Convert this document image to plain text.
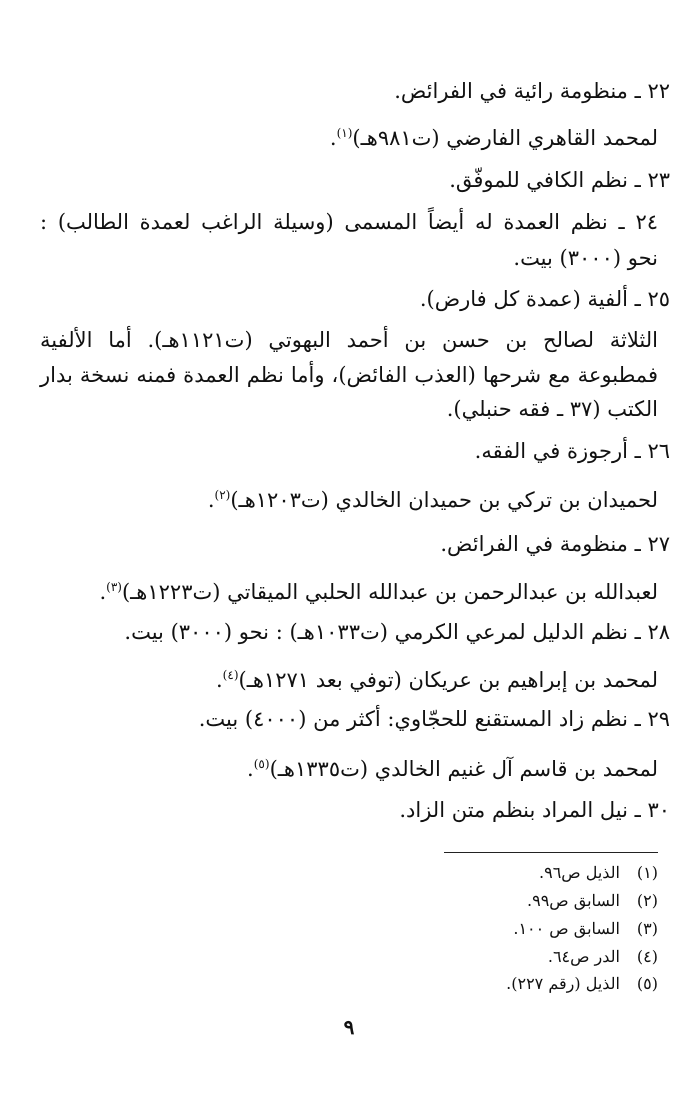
٢٢ ـ منظومة رائية في الفرائض.
لمحمد القاهري الفارضي (ت٩٨١هـ)$^{(١)}$.
٢٣ ـ نظم الكافي للموفّق.
٢٤ ـ نظم العمدة له أيضاً المسمى (وسيلة الراغب لعمدة الطالب) :
نحو (٣٠٠٠) بيت.
٢٥ ـ ألفية (عمدة كل فارض).
الثلاثة لصالح بن حسن بن أحمد البهوتي (ت١١٢١هـ). أما الألفية
فمطبوعة مع شرحها (العذب الفائض)، وأما نظم العمدة فمنه نسخة بدار
الكتب (٣٧ ـ فقه حنبلي).
٢٦ ـ أرجوزة في الفقه.
لحميدان بن تركي بن حميدان الخالدي (ت١٢٠٣هـ)$^{(٢)}$.
٢٧ ـ منظومة في الفرائض.
لعبدالله بن عبدالرحمن بن عبدالله الحلبي الميقاتي (ت١٢٢٣هـ)$^{(٣)}$.
٢٨ ـ نظم الدليل لمرعي الكرمي (ت١٠٣٣هـ) : نحو (٣٠٠٠) بيت.
لمحمد بن إبراهيم بن عريكان (توفي بعد ١٢٧١هـ)$^{(٤)}$.
٢٩ ـ نظم زاد المستقنع للحجّاوي: أكثر من (٤٠٠٠) بيت.
لمحمد بن قاسم آل غنيم الخالدي (ت١٣٣٥هـ)$^{(٥)}$.
٣٠ ـ نيل المراد بنظم متن الزاد.
(١)الذيل ص٩٦.
(٢)السابق ص٩٩.
(٣)السابق ص ١٠٠.
(٤)الدر ص٦٤.
(٥)الذيل (رقم ٢٢٧).
٩
